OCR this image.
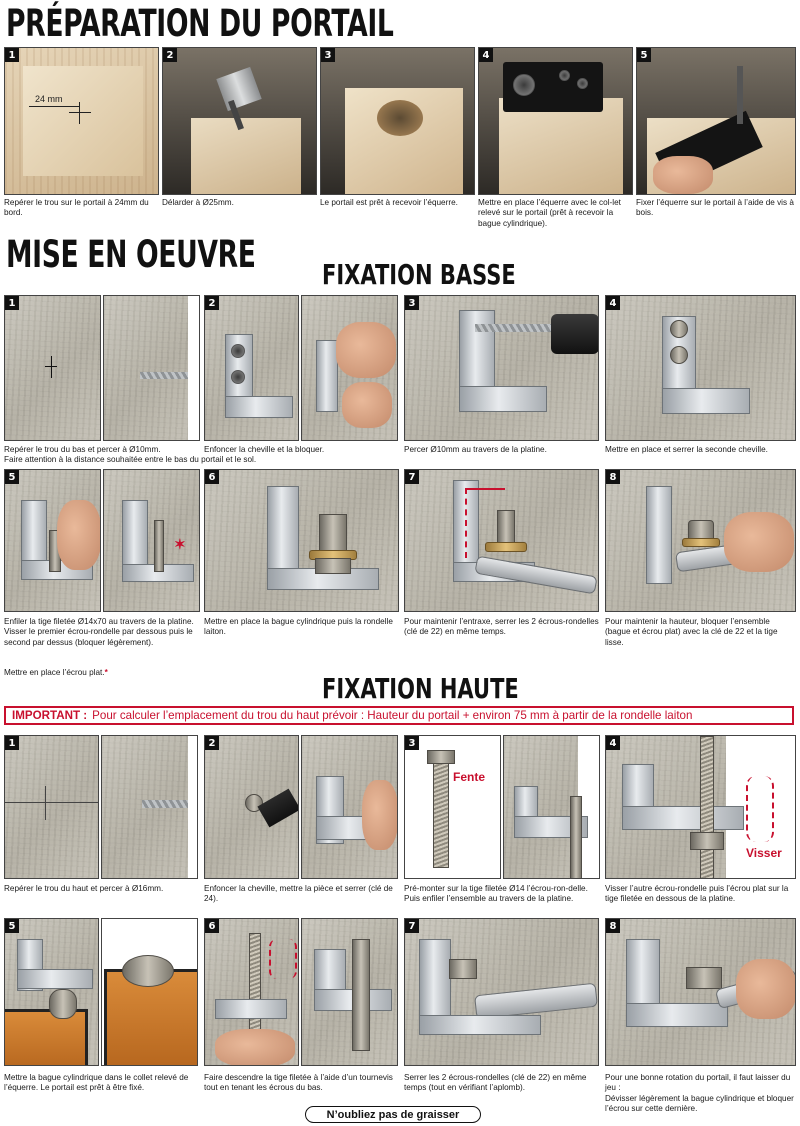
PRÉPARATION DU PORTAIL
MISE EN OEUVRE FIXATION BASSE
FIXATION HAUTE
1
24 mm
Repérer le trou sur le portail à 24mm du bord.
2
Délarder à Ø25mm.
3
Le portail est prêt à recevoir l’équerre.
4
Mettre en place l’équerre avec le col-let relevé sur le portail (prêt à recevoir la bague cylindrique).
5
Fixer l’équerre sur le portail à l’aide de vis à bois.
1
Repérer le trou du bas et percer à Ø10mm.
Faire attention à la distance souhaitée entre le bas du portail et le sol.
2
Enfoncer la cheville et la bloquer.
3
Percer Ø10mm au travers de la platine.
4
Mettre en place et serrer la seconde cheville.
5
✶
Enfiler la tige filetée Ø14x70 au travers de la platine. Visser le premier écrou-rondelle par dessous puis le second par dessus (bloquer légèrement).
Mettre en place l’écrou plat.*
6
Mettre en place la bague cylindrique puis la rondelle laiton.
7
Pour maintenir l’entraxe, serrer les 2 écrous-rondelles (clé de 22) en même temps.
8
Pour maintenir la hauteur, bloquer l’ensemble (bague et écrou plat) avec la clé de 22 et la tige lisse.
IMPORTANT : Pour calculer l’emplacement du trou du haut prévoir : Hauteur du portail + environ 75 mm à partir de la rondelle laiton
1
Repérer le trou du haut et percer à Ø16mm.
2
Enfoncer la cheville, mettre la pièce et serrer (clé de 24).
3
Fente
Pré-monter sur la tige filetée Ø14 l’écrou-ron-delle. Puis enfiler l’ensemble au travers de la platine.
4
Visser
Visser l’autre écrou-rondelle puis l’écrou plat sur la tige filetée en dessous de la platine.
5
Mettre la bague cylindrique dans le collet relevé de l’équerre. Le portail est prêt à être fixé.
6
Faire descendre la tige filetée à l’aide d’un tournevis tout en tenant les écrous du bas.
7
Serrer les 2 écrous-rondelles (clé de 22) en même temps (tout en vérifiant l’aplomb).
8
Pour une bonne rotation du portail, il faut laisser du jeu :
Dévisser légèrement la bague cylindrique et bloquer l’écrou sur cette dernière.
N’oubliez pas de graisser
